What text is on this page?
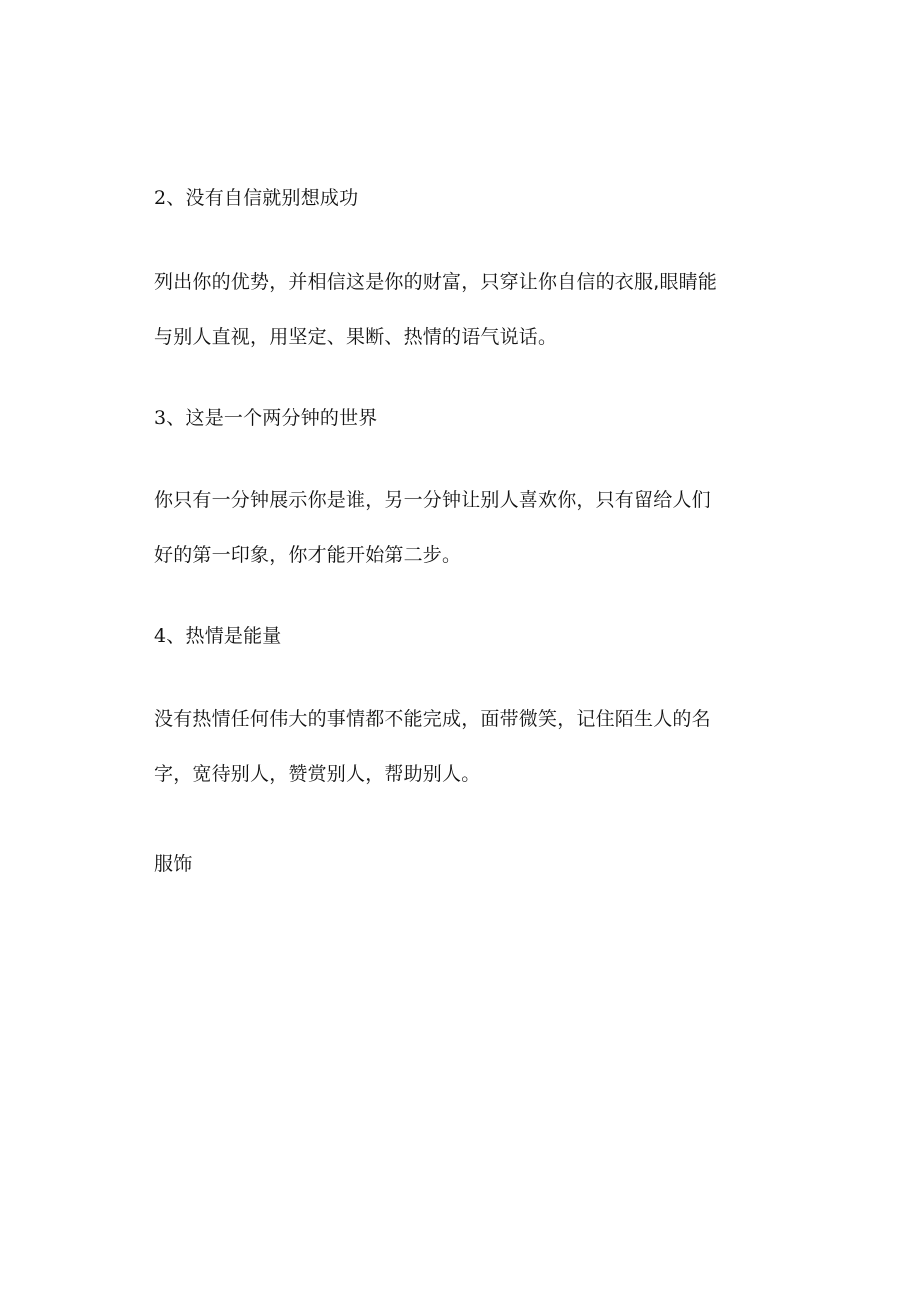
2、没有自信就别想成功
列出你的优势，并相信这是你的财富，只穿让你自信的衣服,眼睛能
与别人直视，用坚定、果断、热情的语气说话。
3、这是一个两分钟的世界
你只有一分钟展示你是谁，另一分钟让别人喜欢你，只有留给人们
好的第一印象，你才能开始第二步。
4、热情是能量
没有热情任何伟大的事情都不能完成，面带微笑，记住陌生人的名
字，宽待别人，赞赏别人，帮助别人。
服饰
